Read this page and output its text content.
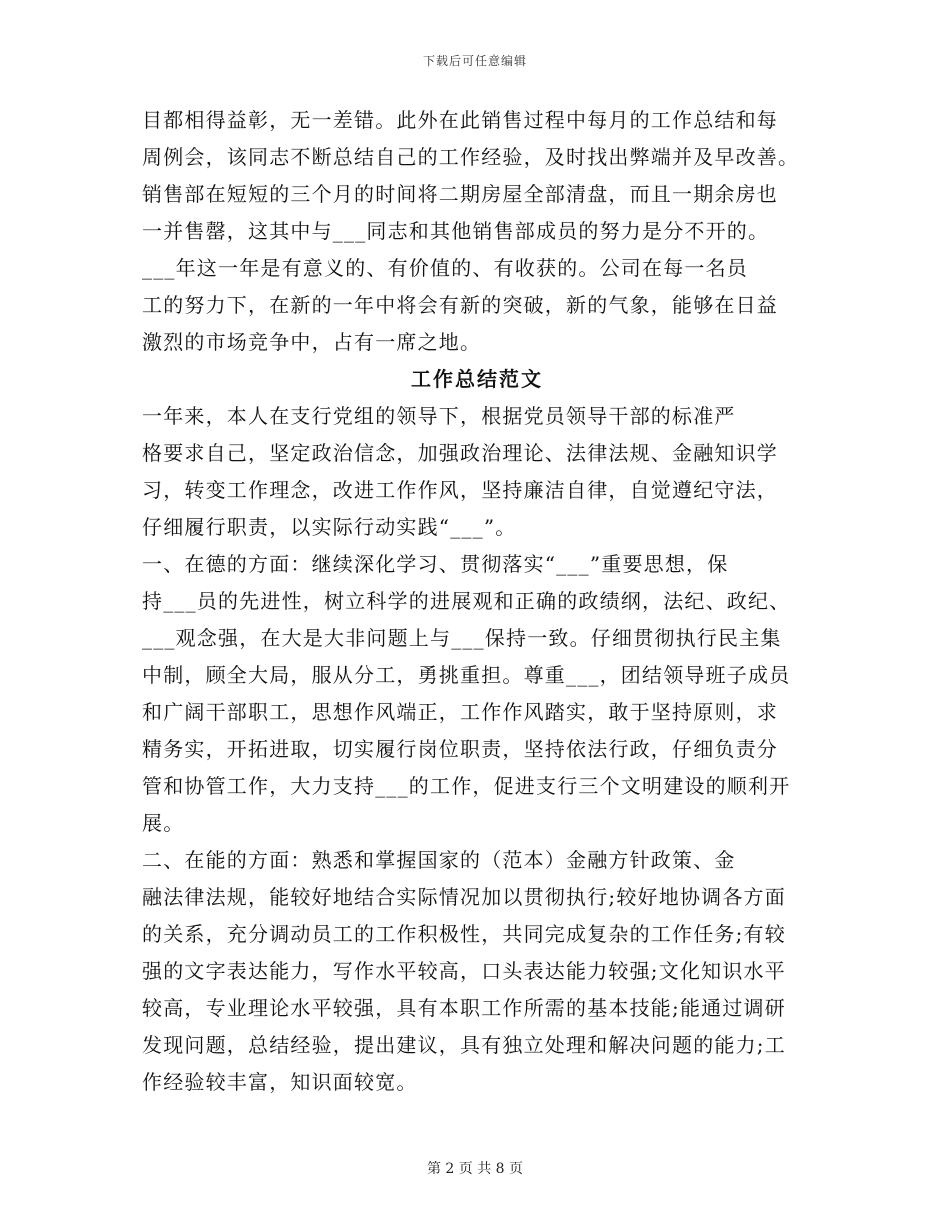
下载后可任意编辑
目都相得益彰，无一差错。此外在此销售过程中每月的工作总结和每
周例会，该同志不断总结自己的工作经验，及时找出弊端并及早改善。
销售部在短短的三个月的时间将二期房屋全部清盘，而且一期余房也
一并售罄，这其中与___同志和其他销售部成员的努力是分不开的。
___年这一年是有意义的、有价值的、有收获的。公司在每一名员
工的努力下，在新的一年中将会有新的突破，新的气象，能够在日益
激烈的市场竞争中，占有一席之地。
工作总结范文
一年来，本人在支行党组的领导下，根据党员领导干部的标准严
格要求自己，坚定政治信念，加强政治理论、法律法规、金融知识学
习，转变工作理念，改进工作作风，坚持廉洁自律，自觉遵纪守法，
仔细履行职责，以实际行动实践“___”。
一、在德的方面：继续深化学习、贯彻落实“___”重要思想，保
持___员的先进性，树立科学的进展观和正确的政绩纲，法纪、政纪、
___观念强，在大是大非问题上与___保持一致。仔细贯彻执行民主集
中制，顾全大局，服从分工，勇挑重担。尊重___，团结领导班子成员
和广阔干部职工，思想作风端正，工作作风踏实，敢于坚持原则，求
精务实，开拓进取，切实履行岗位职责，坚持依法行政，仔细负责分
管和协管工作，大力支持___的工作，促进支行三个文明建设的顺利开
展。
二、在能的方面：熟悉和掌握国家的（范本）金融方针政策、金
融法律法规，能较好地结合实际情况加以贯彻执行;较好地协调各方面
的关系，充分调动员工的工作积极性，共同完成复杂的工作任务;有较
强的文字表达能力，写作水平较高，口头表达能力较强;文化知识水平
较高，专业理论水平较强，具有本职工作所需的基本技能;能通过调研
发现问题，总结经验，提出建议，具有独立处理和解决问题的能力;工
作经验较丰富，知识面较宽。
第 2 页 共 8 页
